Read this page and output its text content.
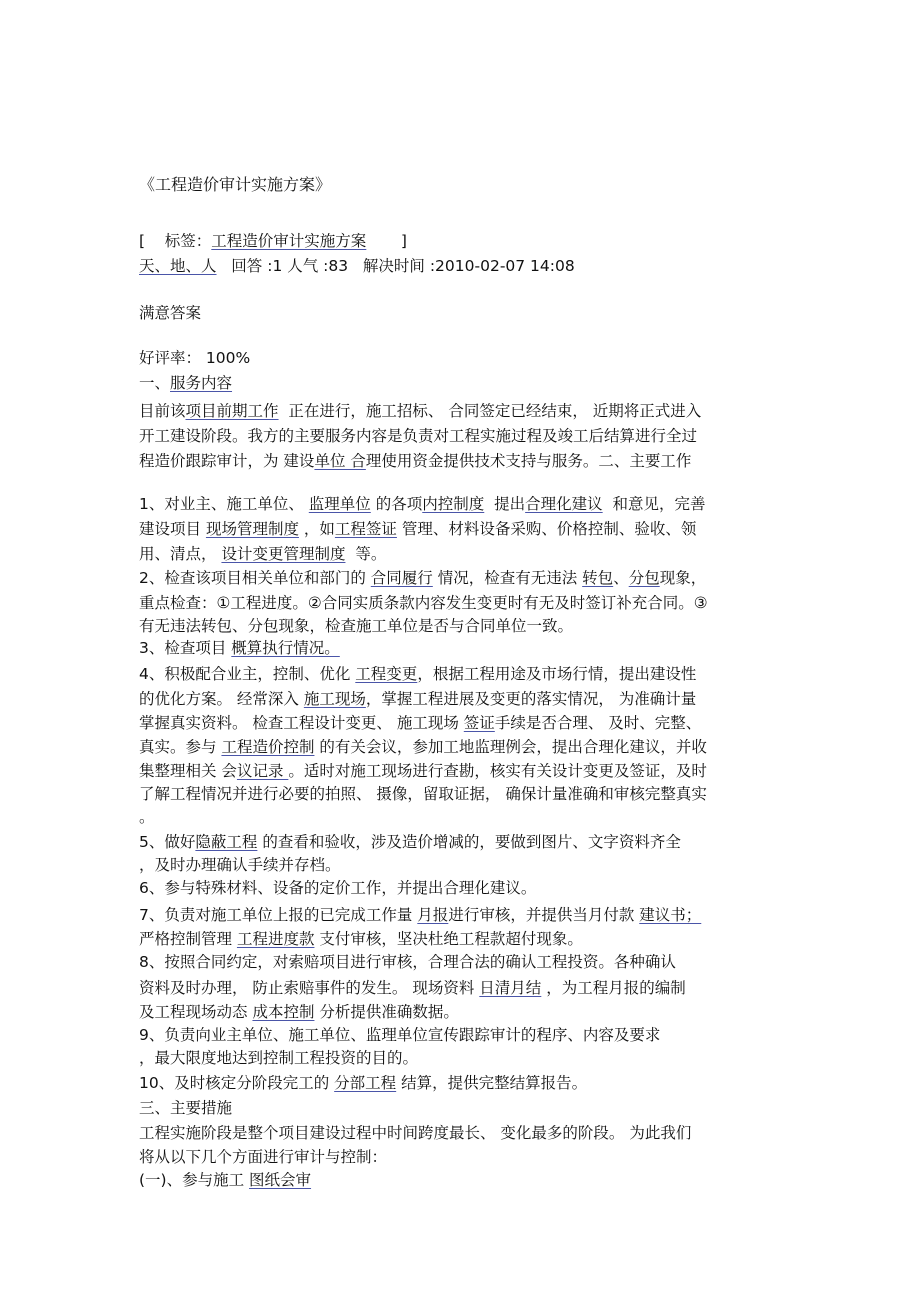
《工程造价审计实施方案》
[ 标签：工程造价审计实施方案 ]
天、地、人 回答 :1 人气 :83 解决时间 :2010-02-07 14:08
满意答案
好评率： 100%
一、服务内容
目前该项目前期工作 正在进行，施工招标、 合同签定已经结束， 近期将正式进入
开工建设阶段。我方的主要服务内容是负责对工程实施过程及竣工后结算进行全过
程造价跟踪审计，为 建设单位 合理使用资金提供技术支持与服务。二、主要工作
1、对业主、施工单位、 监理单位 的各项内控制度  提出合理化建议  和意见，完善
建设项目 现场管理制度 ，如工程签证 管理、材料设备采购、价格控制、验收、领
用、清点， 设计变更管理制度  等。
2、检查该项目相关单位和部门的 合同履行 情况，检查有无违法 转包、分包现象，
重点检查：①工程进度。②合同实质条款内容发生变更时有无及时签订补充合同。③
有无违法转包、分包现象，检查施工单位是否与合同单位一致。
3、检查项目 概算执行情况。
4、积极配合业主，控制、优化 工程变更，根据工程用途及市场行情，提出建设性
的优化方案。 经常深入 施工现场，掌握工程进展及变更的落实情况， 为准确计量
掌握真实资料。 检查工程设计变更、 施工现场 签证手续是否合理、 及时、完整、
真实。参与 工程造价控制 的有关会议，参加工地监理例会，提出合理化建议，并收
集整理相关 会议记录 。适时对施工现场进行查勘，核实有关设计变更及签证，及时
了解工程情况并进行必要的拍照、 摄像，留取证据， 确保计量准确和审核完整真实
。
5、做好隐蔽工程 的查看和验收，涉及造价增减的，要做到图片、文字资料齐全
，及时办理确认手续并存档。
6、参与特殊材料、设备的定价工作，并提出合理化建议。
7、负责对施工单位上报的已完成工作量 月报进行审核，并提供当月付款 建议书；
严格控制管理 工程进度款 支付审核，坚决杜绝工程款超付现象。
8、按照合同约定，对索赔项目进行审核，合理合法的确认工程投资。各种确认
资料及时办理， 防止索赔事件的发生。 现场资料 日清月结 ，为工程月报的编制
及工程现场动态 成本控制 分析提供准确数据。
9、负责向业主单位、施工单位、监理单位宣传跟踪审计的程序、内容及要求
，最大限度地达到控制工程投资的目的。
10、及时核定分阶段完工的 分部工程 结算，提供完整结算报告。
三、主要措施
工程实施阶段是整个项目建设过程中时间跨度最长、 变化最多的阶段。 为此我们
将从以下几个方面进行审计与控制：
(一)、参与施工 图纸会审
